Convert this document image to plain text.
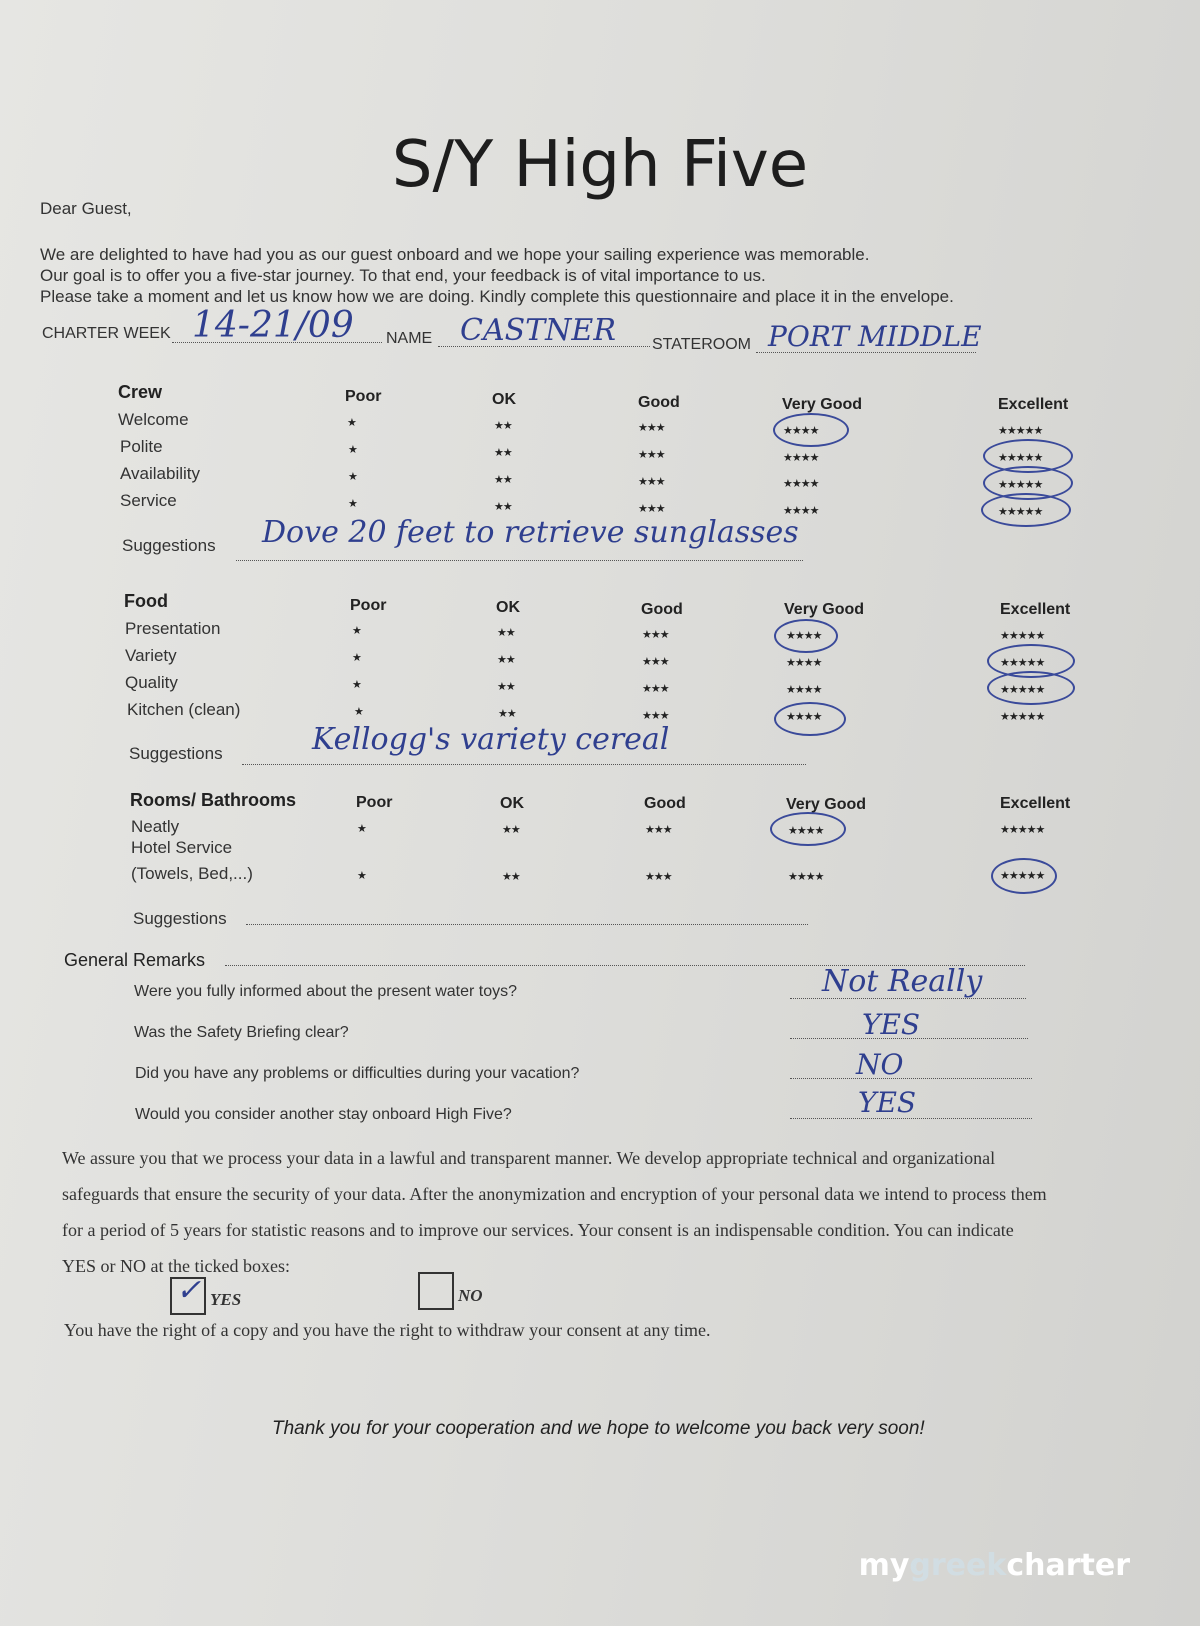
S/Y High Five
Dear Guest,
We are delighted to have had you as our guest onboard and we hope your sailing experience was memorable.
Our goal is to offer you a five-star journey. To that end, your feedback is of vital importance to us.
Please take a moment and let us know how we are doing. Kindly complete this questionnaire and place it in the envelope.
CHARTER WEEK 14-21/09 NAME CASTNER STATEROOM PORT MIDDLE
Crew	Poor	OK	Good	Very Good	Excellent
Welcome	★	★★	★★★	★★★★	★★★★★
Polite	★	★★	★★★	★★★★	★★★★★
Availability	★	★★	★★★	★★★★	★★★★★
Service	★	★★	★★★	★★★★	★★★★★
Suggestions Dove 20 feet to retrieve sunglasses
Food	Poor	OK	Good	Very Good	Excellent
Presentation	★	★★	★★★	★★★★	★★★★★
Variety	★	★★	★★★	★★★★	★★★★★
Quality	★	★★	★★★	★★★★	★★★★★
Kitchen (clean)	★	★★	★★★	★★★★	★★★★★
Suggestions	Kellogg's variety cereal
Rooms/ Bathrooms	Poor	OK	Good	Very Good	Excellent
Neatly	★	★★	★★★	★★★★	★★★★★
Hotel Service
(Towels, Bed,...)	★	★★	★★★	★★★★	★★★★★
Suggestions
General Remarks
Were you fully informed about the present water toys?	Not Really
Was the Safety Briefing clear?	YES
Did you have any problems or difficulties during your vacation?	NO
Would you consider another stay onboard High Five?	YES
We assure you that we process your data in a lawful and transparent manner. We develop appropriate technical and organizational
safeguards that ensure the security of your data. After the anonymization and encryption of your personal data we intend to process them
for a period of 5 years for statistic reasons and to improve our services. Your consent is an indispensable condition. You can indicate
YES or NO at the ticked boxes:
✓ YES	NO
You have the right of a copy and you have the right to withdraw your consent at any time.
Thank you for your cooperation and we hope to welcome you back very soon!
mygreekcharter
